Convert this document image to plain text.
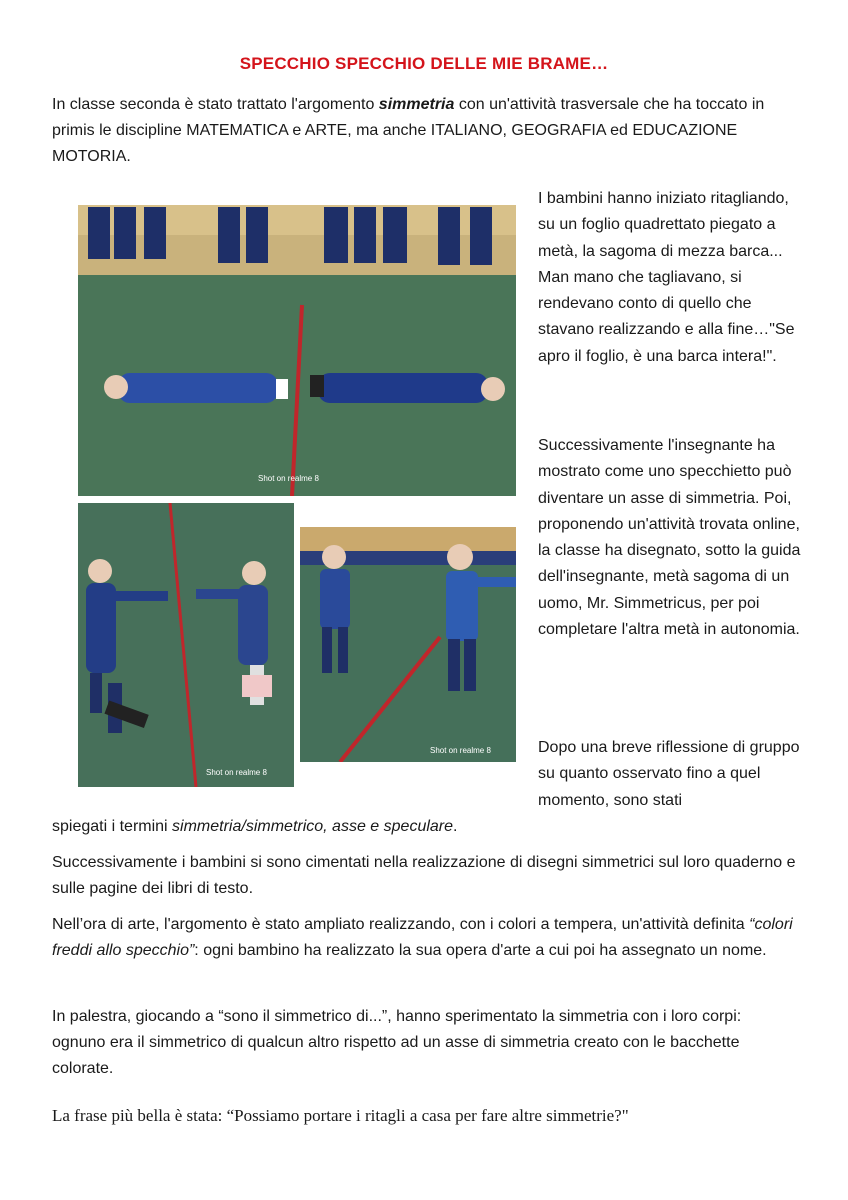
SPECCHIO SPECCHIO DELLE MIE BRAME…

In classe seconda è stato trattato l'argomento simmetria con un'attività trasversale che ha toccato in primis le discipline MATEMATICA e ARTE, ma anche ITALIANO, GEOGRAFIA ed EDUCAZIONE MOTORIA.

Shot on realme 8
Shot on realme 8
Shot on realme 8
I bambini hanno iniziato ritagliando, su un foglio quadrettato piegato a metà, la sagoma di mezza barca... Man mano che tagliavano, si rendevano conto di quello che stavano realizzando e alla fine…"Se apro il foglio, è una barca intera!".
Successivamente l'insegnante ha mostrato come uno specchietto può diventare un asse di simmetria. Poi, proponendo un'attività trovata online, la classe ha disegnato, sotto la guida dell'insegnante, metà sagoma di un uomo, Mr. Simmetricus, per poi completare l'altra metà in autonomia.
Dopo una breve riflessione di gruppo su quanto osservato fino a quel momento, sono stati

spiegati i termini simmetria/simmetrico, asse e speculare.

Successivamente i bambini si sono cimentati nella realizzazione di disegni simmetrici sul loro quaderno e sulle pagine dei libri di testo.

Nell’ora di arte, l'argomento è stato ampliato realizzando, con i colori a tempera, un'attività definita “colori freddi allo specchio”: ogni bambino ha realizzato la sua opera d'arte a cui poi ha assegnato un nome.

In palestra, giocando a “sono il simmetrico di...”, hanno sperimentato la simmetria con i loro corpi: ognuno era il simmetrico di qualcun altro rispetto ad un asse di simmetria creato con le bacchette colorate.

La frase più bella è stata: “Possiamo portare i ritagli a casa per fare altre simmetrie?"
